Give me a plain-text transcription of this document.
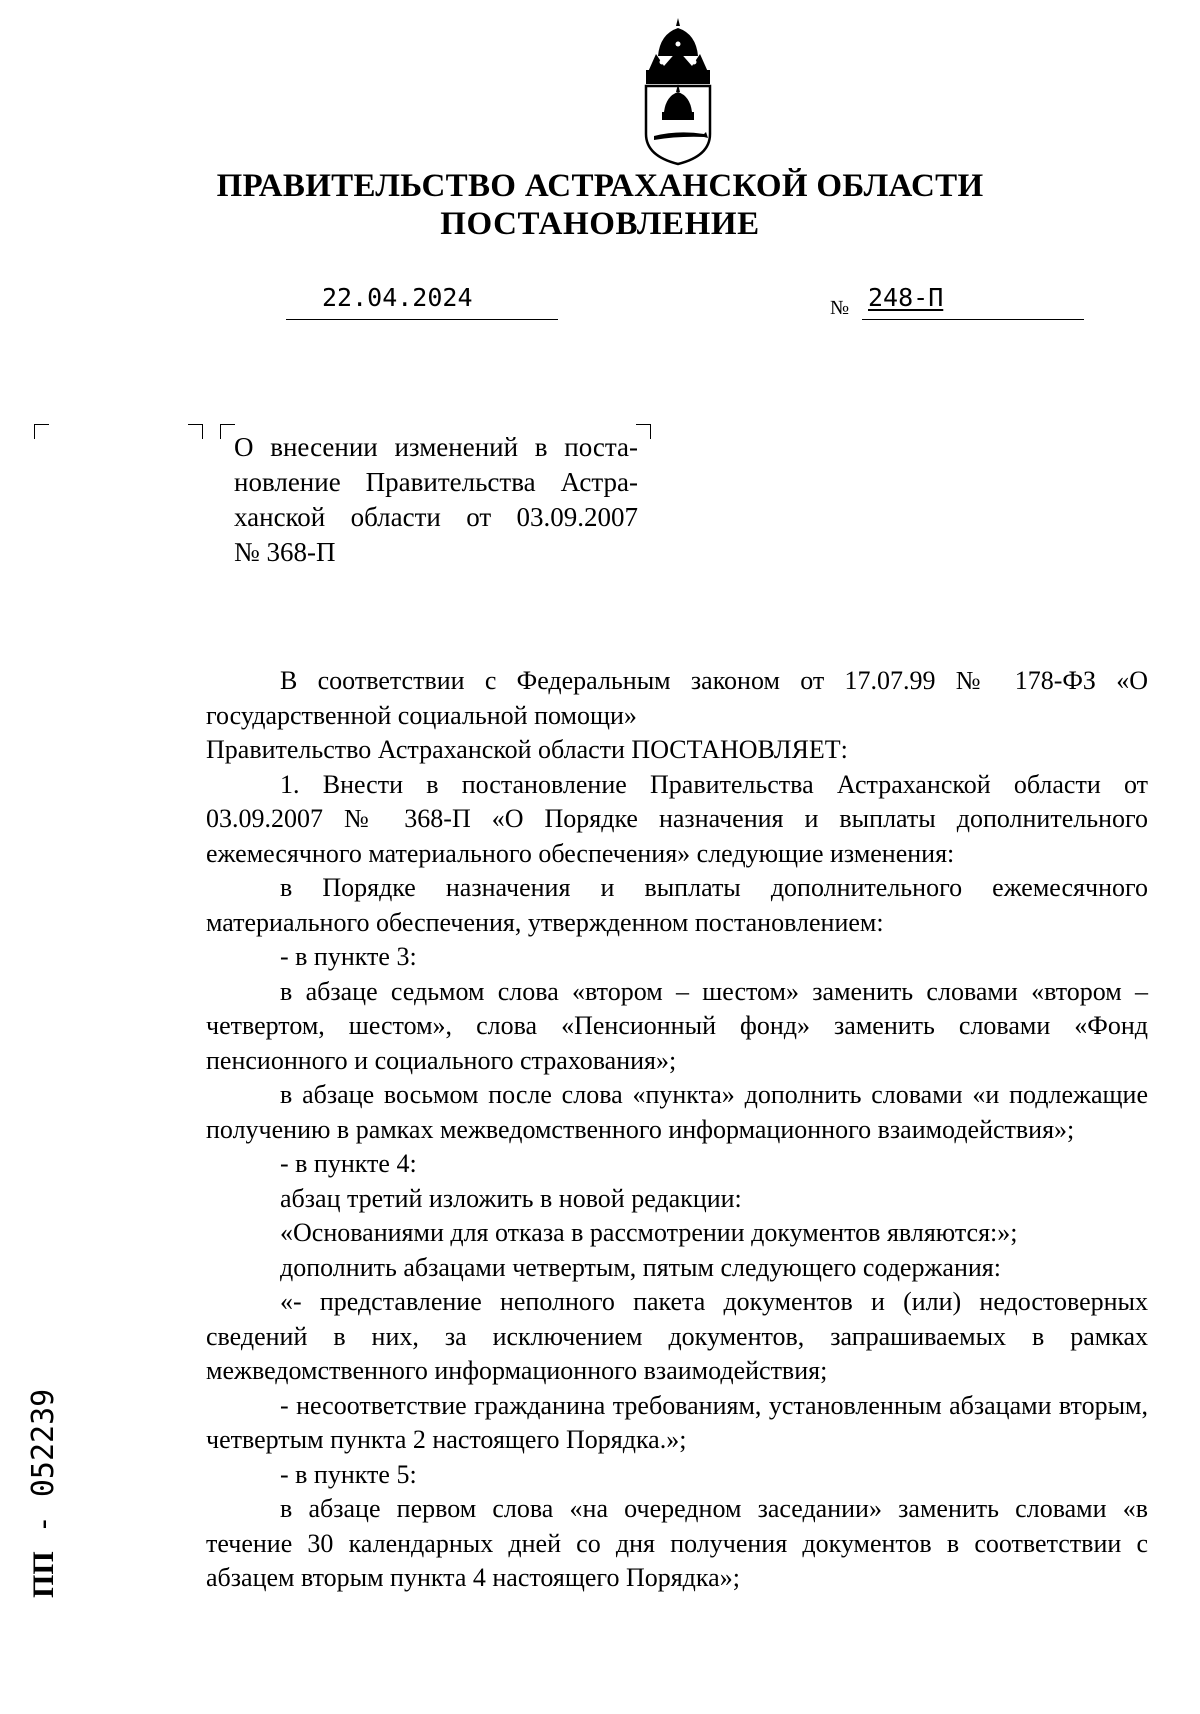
ПРАВИТЕЛЬСТВО АСТРАХАНСКОЙ ОБЛАСТИ
ПОСТАНОВЛЕНИЕ
22.04.2024	№ 248-П
О внесении изменений в поста-
новление Правительства Астра-
ханской области от 03.09.2007
№ 368-П

В соответствии с Федеральным законом от 17.07.99 № 178-ФЗ «О государственной социальной помощи»

Правительство Астраханской области ПОСТАНОВЛЯЕТ:

1. Внести в постановление Правительства Астраханской области от 03.09.2007 № 368-П «О Порядке назначения и выплаты дополнительного ежемесячного материального обеспечения» следующие изменения:

в Порядке назначения и выплаты дополнительного ежемесячного материального обеспечения, утвержденном постановлением:

- в пункте 3:

в абзаце седьмом слова «втором – шестом» заменить словами «втором – четвертом, шестом», слова «Пенсионный фонд» заменить словами «Фонд пенсионного и социального страхования»;

в абзаце восьмом после слова «пункта» дополнить словами «и подлежащие получению в рамках межведомственного информационного взаимодействия»;

- в пункте 4:

абзац третий изложить в новой редакции:

«Основаниями для отказа в рассмотрении документов являются:»;

дополнить абзацами четвертым, пятым следующего содержания:

«- представление неполного пакета документов и (или) недостоверных сведений в них, за исключением документов, запрашиваемых в рамках межведомственного информационного взаимодействия;

- несоответствие гражданина требованиям, установленным абзацами вторым, четвертым пункта 2 настоящего Порядка.»;

- в пункте 5:

в абзаце первом слова «на очередном заседании» заменить словами «в течение 30 календарных дней со дня получения документов в соответствии с абзацем вторым пункта 4 настоящего Порядка»;

ПП - 052239
